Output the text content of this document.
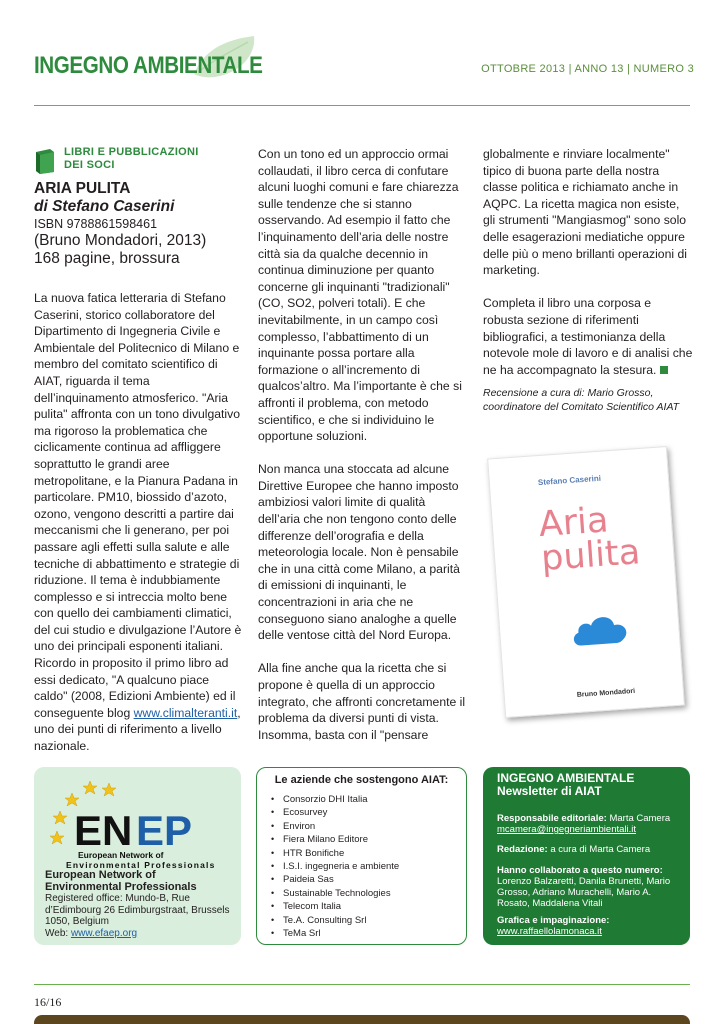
INGEGNO AMBIENTALE	OTTOBRE 2013 | ANNO 13 | NUMERO 3
LIBRI E PUBBLICAZIONI
DEI SOCI
ARIA PULITA
di Stefano Caserini
ISBN 9788861598461
(Bruno Mondadori, 2013)
168 pagine, brossura

La nuova fatica letteraria di Stefano Caserini, storico collaboratore del Dipartimento di Ingegneria Civile e Ambientale del Politecnico di Milano e membro del comitato scientifico di AIAT, riguarda il tema dell’inquinamento atmosferico. "Aria pulita" affronta con un tono divulgativo ma rigoroso la problematica che ciclicamente continua ad affliggere soprattutto le grandi aree metropolitane, e la Pianura Padana in particolare. PM10, biossido d’azoto, ozono, vengono descritti a partire dai meccanismi che li generano, per poi passare agli effetti sulla salute e alle tecniche di abbattimento e strategie di riduzione. Il tema è indubbiamente complesso e si intreccia molto bene con quello dei cambiamenti climatici, del cui studio e divulgazione l’Autore è uno dei principali esponenti italiani. Ricordo in proposito il primo libro ad essi dedicato, "A qualcuno piace caldo" (2008, Edizioni Ambiente) ed il conseguente blog www.climalteranti.it, uno dei punti di riferimento a livello nazionale.

Con un tono ed un approccio ormai collaudati, il libro cerca di confutare alcuni luoghi comuni e fare chiarezza sulle tendenze che si stanno osservando. Ad esempio il fatto che l’inquinamento dell’aria delle nostre città sia da qualche decennio in continua diminuzione per quanto concerne gli inquinanti "tradizionali" (CO, SO2, polveri totali). E che inevitabilmente, in un campo così complesso, l’abbattimento di un inquinante possa portare alla formazione o all’incremento di qualcos’altro. Ma l’importante è che si affronti il problema, con metodo scientifico, e che si individuino le opportune soluzioni.

Non manca una stoccata ad alcune Direttive Europee che hanno imposto ambiziosi valori limite di qualità dell’aria che non tengono conto delle differenze dell’orografia e della meteorologia locale. Non è pensabile che in una città come Milano, a parità di emissioni di inquinanti, le concentrazioni in aria che ne conseguono siano analoghe a quelle delle ventose città del Nord Europa.

Alla fine anche qua la ricetta che si propone è quella di un approccio integrato, che affronti concretamente il problema da diversi punti di vista. Insomma, basta con il "pensare

globalmente e rinviare localmente" tipico di buona parte della nostra classe politica e richiamato anche in AQPC. La ricetta magica non esiste, gli strumenti "Mangiasmog" sono solo delle esagerazioni mediatiche oppure delle più o meno brillanti operazioni di marketing.

Completa il libro una corposa e robusta sezione di riferimenti bibliografici, a testimonianza della notevole mole di lavoro e di analisi che ne ha accompagnato la stesura.

Recensione a cura di: Mario Grosso, coordinatore del Comitato Scientifico AIAT
Stefano Caserini
Aria
pulita
Bruno Mondadori
EN EP
European Network of
Environmental Professionals
European Network of
Environmental Professionals
Registered office: Mundo-B, Rue
d’Edimbourg 26 Edimburgstraat, Brussels
1050, Belgium
Web: www.efaep.org
Le aziende che sostengono AIAT:
• Consorzio DHI Italia
• Ecosurvey
• Environ
• Fiera Milano Editore
• HTR Bonifiche
• I.S.I. ingegneria e ambiente
• Paideia Sas
• Sustainable Technologies
• Telecom Italia
• Te.A. Consulting Srl
• TeMa Srl
INGEGNO AMBIENTALE
Newsletter di AIAT
Responsabile editoriale: Marta Camera
mcamera@ingegneriambientali.it
Redazione: a cura di Marta Camera
Hanno collaborato a questo numero:
Lorenzo Balzaretti, Danila Brunetti, Mario Grosso, Adriano Murachelli, Mario A. Rosato, Maddalena Vitali
Grafica e impaginazione:
www.raffaellolamonaca.it
16/16
